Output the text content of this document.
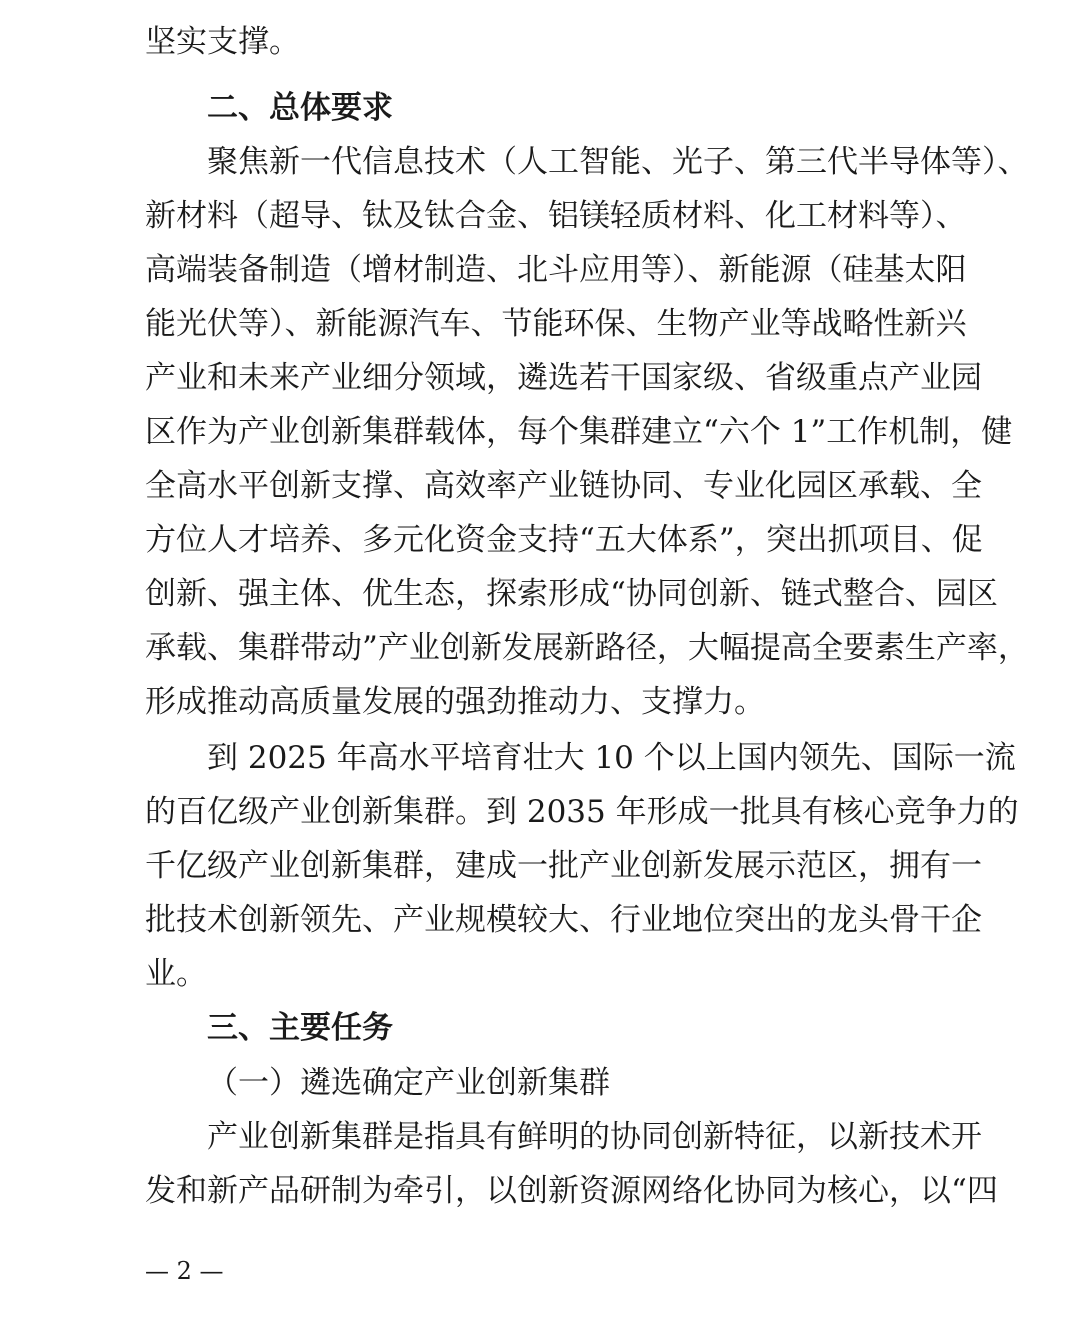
坚实支撑。
二、总体要求
聚焦新一代信息技术（人工智能、光子、第三代半导体等）、
新材料（超导、钛及钛合金、铝镁轻质材料、化工材料等）、
高端装备制造（增材制造、北斗应用等）、新能源（硅基太阳
能光伏等）、新能源汽车、节能环保、生物产业等战略性新兴
产业和未来产业细分领域，遴选若干国家级、省级重点产业园
区作为产业创新集群载体，每个集群建立“六个 1”工作机制，健
全高水平创新支撑、高效率产业链协同、专业化园区承载、全
方位人才培养、多元化资金支持“五大体系”，突出抓项目、促
创新、强主体、优生态，探索形成“协同创新、链式整合、园区
承载、集群带动”产业创新发展新路径，大幅提高全要素生产率，
形成推动高质量发展的强劲推动力、支撑力。
到 2025 年高水平培育壮大 10 个以上国内领先、国际一流
的百亿级产业创新集群。到 2035 年形成一批具有核心竞争力的
千亿级产业创新集群，建成一批产业创新发展示范区，拥有一
批技术创新领先、产业规模较大、行业地位突出的龙头骨干企
业。
三、主要任务
（一）遴选确定产业创新集群
产业创新集群是指具有鲜明的协同创新特征，以新技术开
发和新产品研制为牵引，以创新资源网络化协同为核心，以“四
— 2 —
